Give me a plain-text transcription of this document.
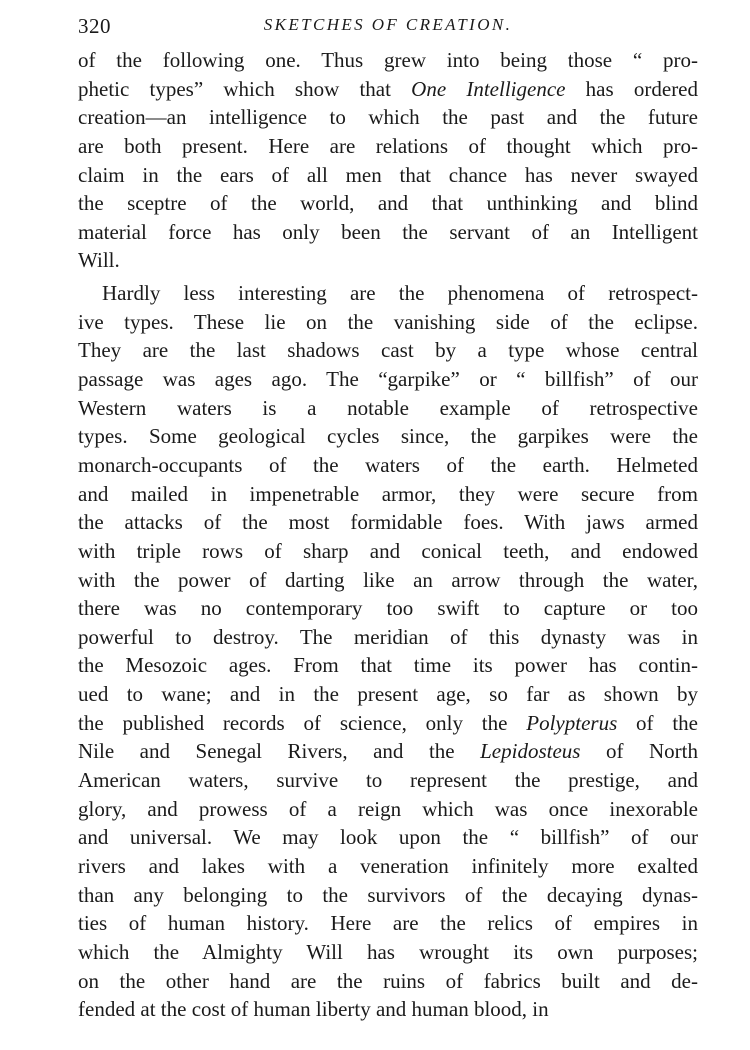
320	SKETCHES OF CREATION.
of the following one. Thus grew into being those “ pro-
phetic types” which show that One Intelligence has ordered
creation—an intelligence to which the past and the future
are both present. Here are relations of thought which pro-
claim in the ears of all men that chance has never swayed
the sceptre of the world, and that unthinking and blind
material force has only been the servant of an Intelligent
Will.
Hardly less interesting are the phenomena of retrospect-
ive types. These lie on the vanishing side of the eclipse.
They are the last shadows cast by a type whose central
passage was ages ago. The “garpike” or “ billfish” of our
Western waters is a notable example of retrospective
types. Some geological cycles since, the garpikes were the
monarch-occupants of the waters of the earth. Helmeted
and mailed in impenetrable armor, they were secure from
the attacks of the most formidable foes. With jaws armed
with triple rows of sharp and conical teeth, and endowed
with the power of darting like an arrow through the water,
there was no contemporary too swift to capture or too
powerful to destroy. The meridian of this dynasty was in
the Mesozoic ages. From that time its power has contin-
ued to wane; and in the present age, so far as shown by
the published records of science, only the Polypterus of the
Nile and Senegal Rivers, and the Lepidosteus of North
American waters, survive to represent the prestige, and
glory, and prowess of a reign which was once inexorable
and universal. We may look upon the “ billfish” of our
rivers and lakes with a veneration infinitely more exalted
than any belonging to the survivors of the decaying dynas-
ties of human history. Here are the relics of empires in
which the Almighty Will has wrought its own purposes;
on the other hand are the ruins of fabrics built and de-
fended at the cost of human liberty and human blood, in
